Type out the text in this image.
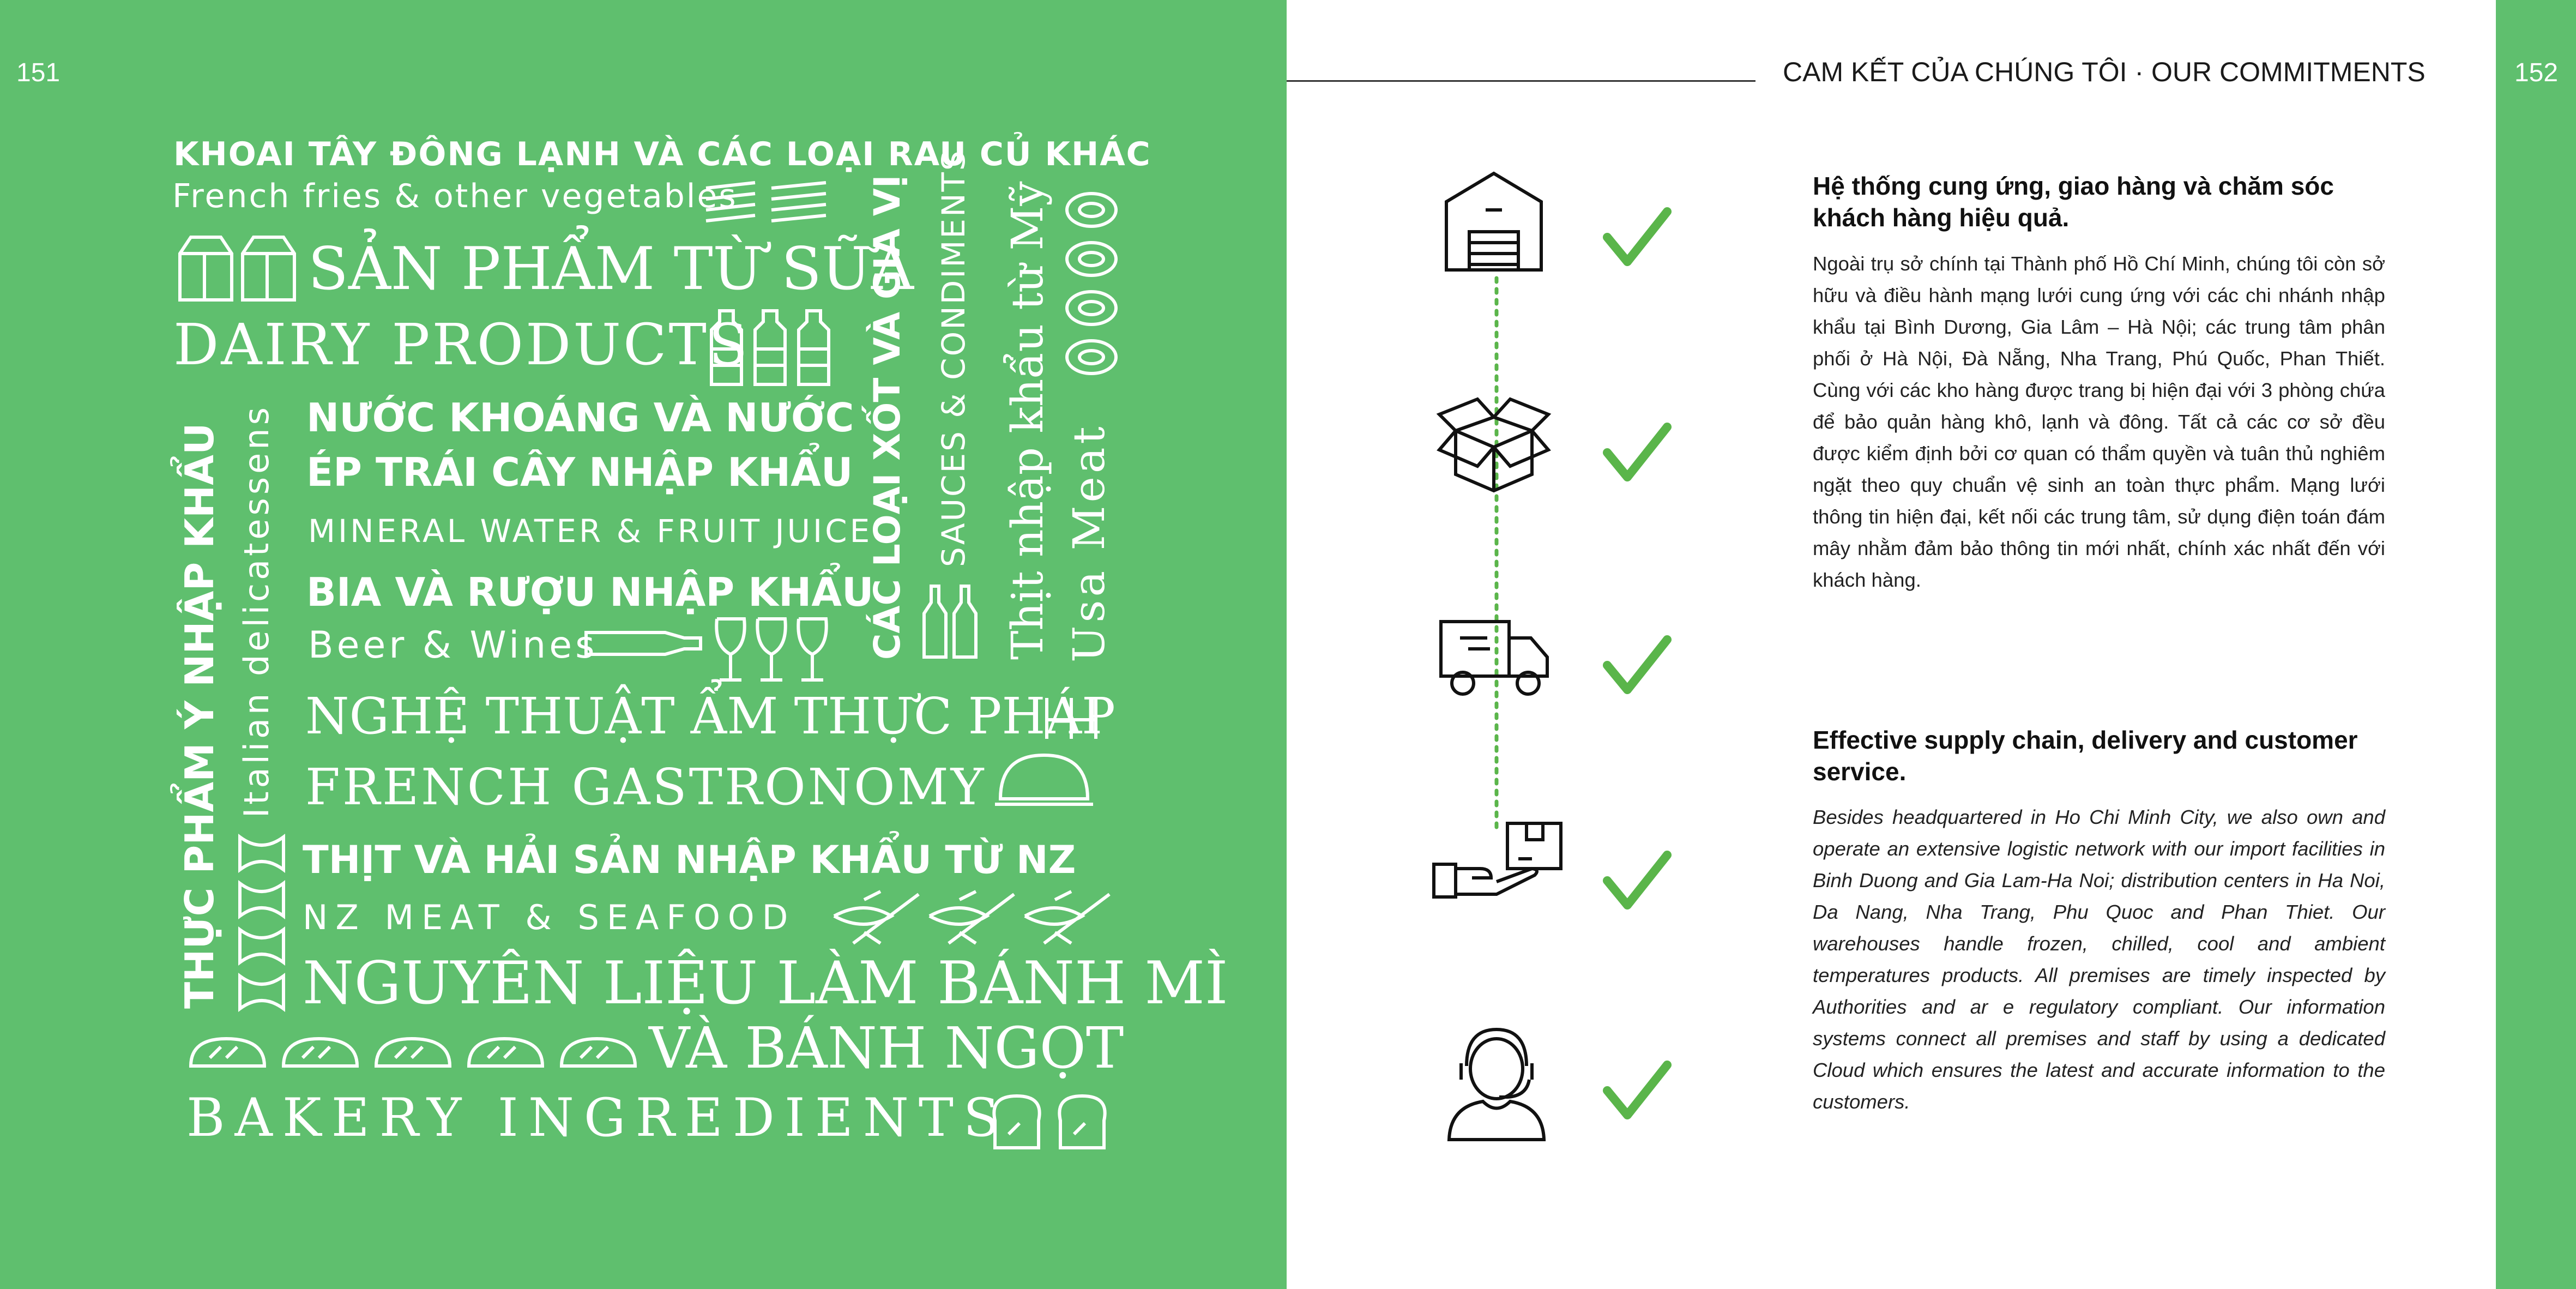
151
KHOAI TÂY ĐÔNG LẠNH VÀ CÁC LOẠI RAU CỦ KHÁC
French fries & other vegetables
SẢN PHẨM TỪ SỮA
DAIRY PRODUCTS
NƯỚC KHOÁNG VÀ NƯỚC
ÉP TRÁI CÂY NHẬP KHẨU
MINERAL WATER & FRUIT JUICE
BIA VÀ RƯỢU NHẬP KHẨU
Beer & Wines
NGHỆ THUẬT ẨM THỰC PHÁP
FRENCH GASTRONOMY
THỊT VÀ HẢI SẢN NHẬP KHẨU TỪ NZ
NZ MEAT & SEAFOOD
NGUYÊN LIỆU LÀM BÁNH MÌ
VÀ BÁNH NGỌT
BAKERY INGREDIENTS
THỰC PHẨM Ý NHẬP KHẨU Italian delicatessens	CÁC LOẠI XỐT VÀ GIA VỊ SAUCES & CONDIMENTS Thịt nhập khẩu từ Mỹ Usa Meat
152
CAM KẾT CỦA CHÚNG TÔI · OUR COMMITMENTS
Hệ thống cung ứng, giao hàng và chăm sóc khách hàng hiệu quả.
Ngoài trụ sở chính tại Thành phố Hồ Chí Minh, chúng tôi còn sở hữu và điều hành mạng lưới cung ứng với các chi nhánh nhập khẩu tại Bình Dương, Gia Lâm – Hà Nội; các trung tâm phân phối ở Hà Nội, Đà Nẵng, Nha Trang, Phú Quốc, Phan Thiết. Cùng với các kho hàng được trang bị hiện đại với 3 phòng chứa để bảo quản hàng khô, lạnh và đông. Tất cả các cơ sở đều được kiểm định bởi cơ quan có thẩm quyền và tuân thủ nghiêm ngặt theo quy chuẩn vệ sinh an toàn thực phẩm. Mạng lưới thông tin hiện đại, kết nối các trung tâm, sử dụng điện toán đám mây nhằm đảm bảo thông tin mới nhất, chính xác nhất đến với khách hàng.
Effective supply chain, delivery and customer service.
Besides headquartered in Ho Chi Minh City, we also own and operate an extensive logistic network with our import facilities in Binh Duong and Gia Lam-Ha Noi; distribution centers in Ha Noi, Da Nang, Nha Trang, Phu Quoc and Phan Thiet. Our warehouses handle frozen, chilled, cool and ambient temperatures products. All premises are timely inspected by Authorities and ar e regulatory compliant. Our information systems connect all premises and staff by using a dedicated Cloud which ensures the latest and accurate information to the customers.
